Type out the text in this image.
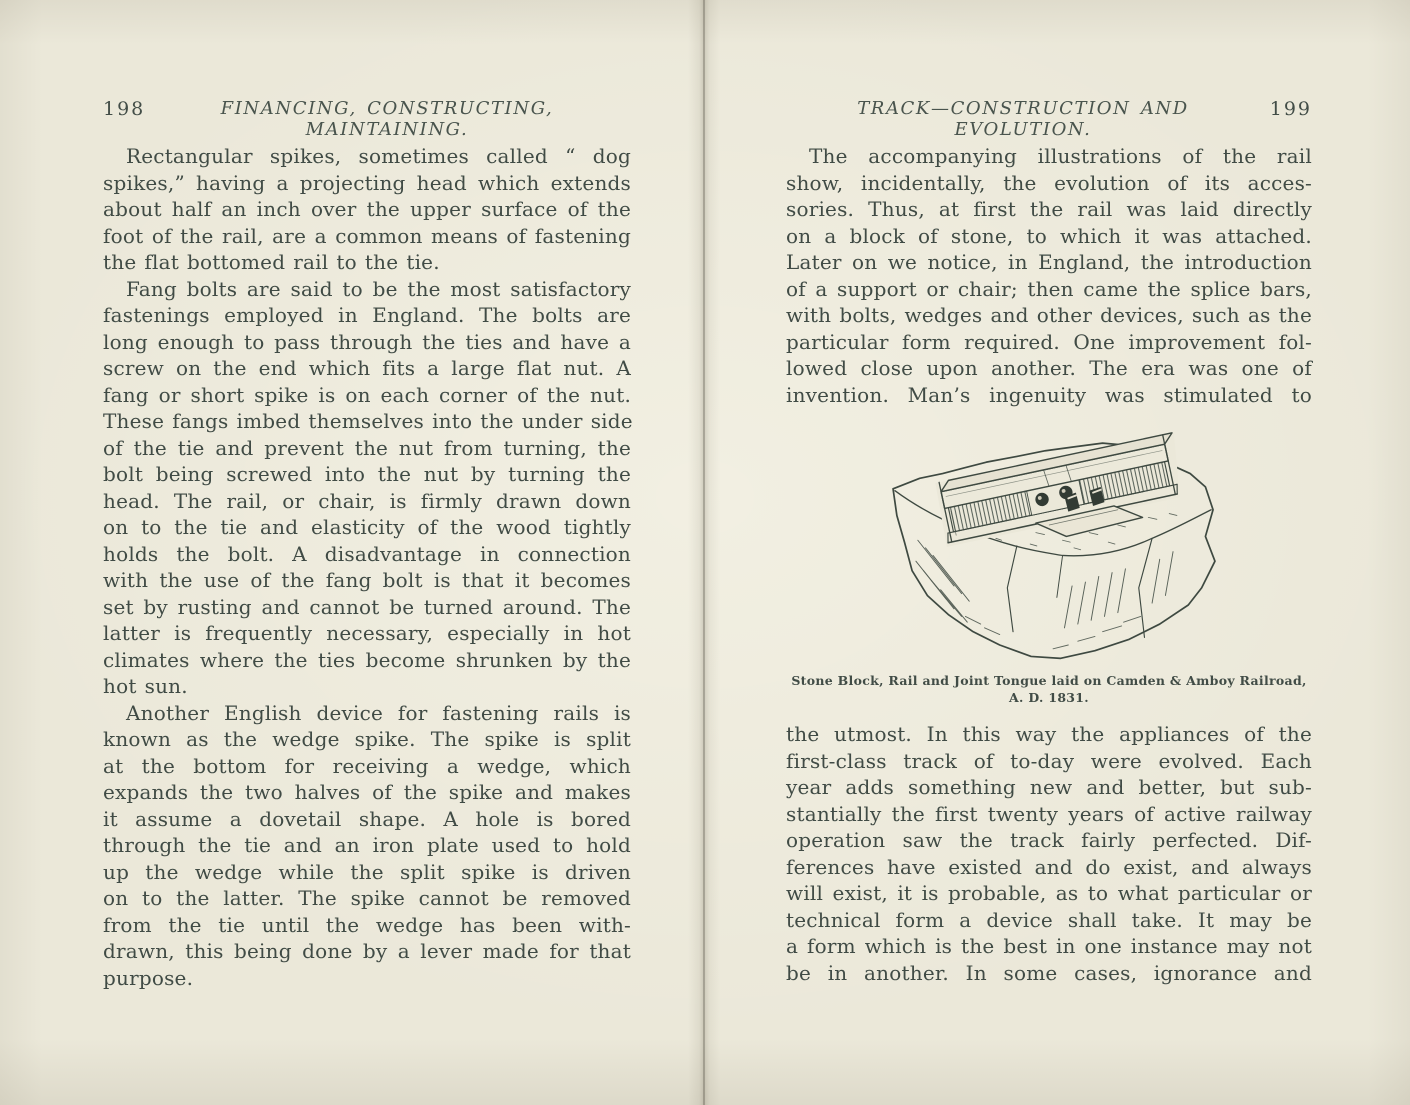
198	FINANCING, CONSTRUCTING, MAINTAINING.
Rectangular spikes, sometimes called “ dog
spikes,” having a projecting head which extends
about half an inch over the upper surface of the
foot of the rail, are a common means of fastening
the flat bottomed rail to the tie.
Fang bolts are said to be the most satisfactory
fastenings employed in England. The bolts are
long enough to pass through the ties and have a
screw on the end which fits a large flat nut. A
fang or short spike is on each corner of the nut.
These fangs imbed themselves into the under side
of the tie and prevent the nut from turning, the
bolt being screwed into the nut by turning the
head. The rail, or chair, is firmly drawn down
on to the tie and elasticity of the wood tightly
holds the bolt. A disadvantage in connection
with the use of the fang bolt is that it becomes
set by rusting and cannot be turned around. The
latter is frequently necessary, especially in hot
climates where the ties become shrunken by the
hot sun.
Another English device for fastening rails is
known as the wedge spike. The spike is split
at the bottom for receiving a wedge, which
expands the two halves of the spike and makes
it assume a dovetail shape. A hole is bored
through the tie and an iron plate used to hold
up the wedge while the split spike is driven
on to the latter. The spike cannot be removed
from the tie until the wedge has been with-
drawn, this being done by a lever made for that
purpose.
TRACK—CONSTRUCTION AND EVOLUTION.
199
The accompanying illustrations of the rail
show, incidentally, the evolution of its acces-
sories. Thus, at first the rail was laid directly
on a block of stone, to which it was attached.
Later on we notice, in England, the introduction
of a support or chair; then came the splice bars,
with bolts, wedges and other devices, such as the
particular form required. One improvement fol-
lowed close upon another. The era was one of
invention. Man’s ingenuity was stimulated to
Stone Block, Rail and Joint Tongue laid on Camden & Amboy Railroad,
A. D. 1831.
the utmost. In this way the appliances of the
first-class track of to-day were evolved. Each
year adds something new and better, but sub-
stantially the first twenty years of active railway
operation saw the track fairly perfected. Dif-
ferences have existed and do exist, and always
will exist, it is probable, as to what particular or
technical form a device shall take. It may be
a form which is the best in one instance may not
be in another. In some cases, ignorance and
